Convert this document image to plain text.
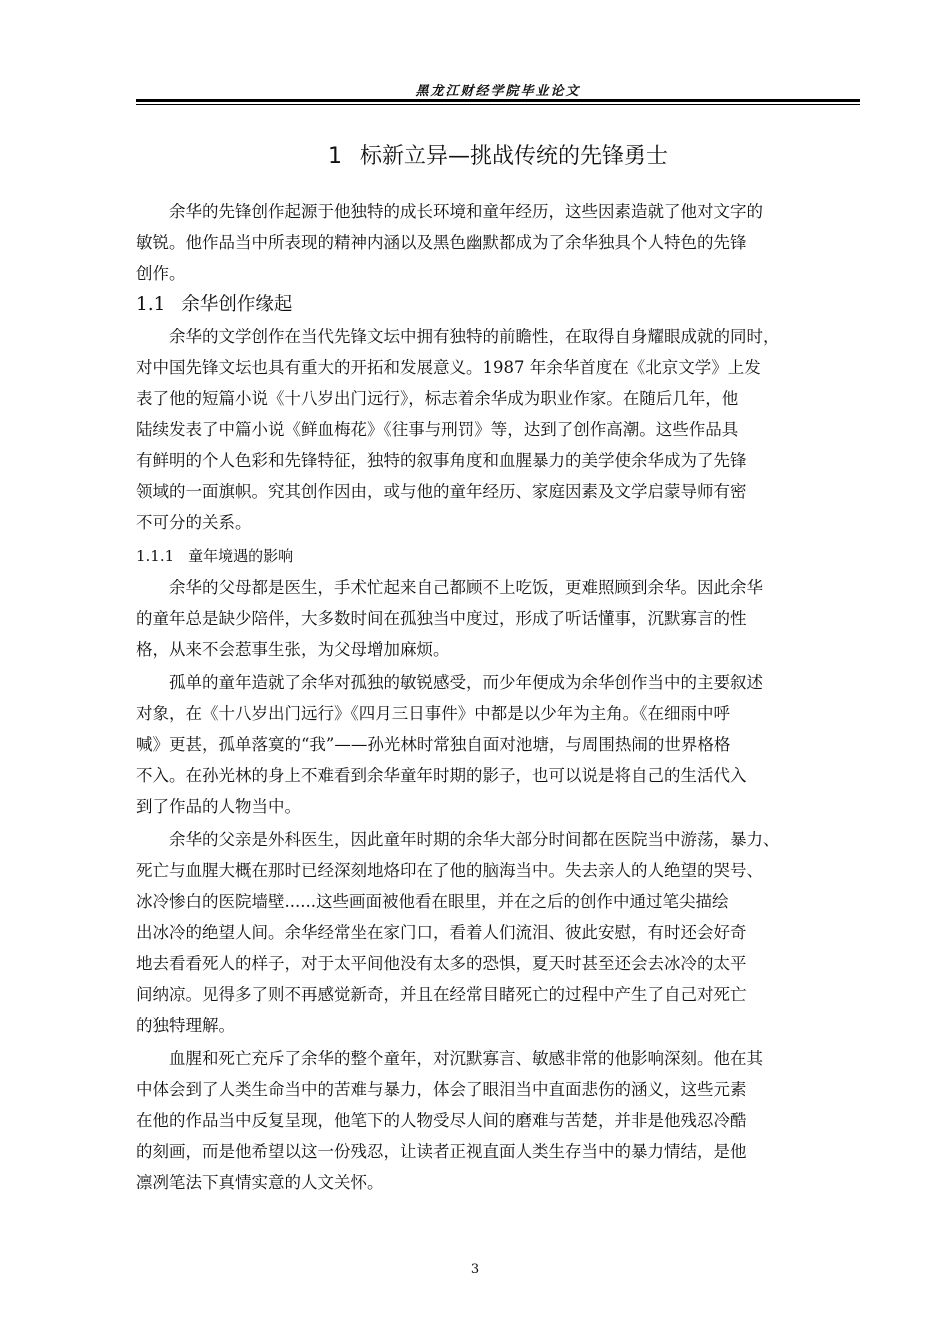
黑龙江财经学院毕业论文
1 标新立异—挑战传统的先锋勇士

余华的先锋创作起源于他独特的成长环境和童年经历，这些因素造就了他对文字的
敏锐。他作品当中所表现的精神内涵以及黑色幽默都成为了余华独具个人特色的先锋
创作。

1.1 余华创作缘起

余华的文学创作在当代先锋文坛中拥有独特的前瞻性，在取得自身耀眼成就的同时，
对中国先锋文坛也具有重大的开拓和发展意义。1987 年余华首度在《北京文学》上发
表了他的短篇小说《十八岁出门远行》，标志着余华成为职业作家。在随后几年，他
陆续发表了中篇小说《鲜血梅花》《往事与刑罚》等，达到了创作高潮。这些作品具
有鲜明的个人色彩和先锋特征，独特的叙事角度和血腥暴力的美学使余华成为了先锋
领域的一面旗帜。究其创作因由，或与他的童年经历、家庭因素及文学启蒙导师有密
不可分的关系。

1.1.1 童年境遇的影响

余华的父母都是医生，手术忙起来自己都顾不上吃饭，更难照顾到余华。因此余华
的童年总是缺少陪伴，大多数时间在孤独当中度过，形成了听话懂事，沉默寡言的性
格，从来不会惹事生张，为父母增加麻烦。

孤单的童年造就了余华对孤独的敏锐感受，而少年便成为余华创作当中的主要叙述
对象，在《十八岁出门远行》《四月三日事件》中都是以少年为主角。《在细雨中呼
喊》更甚，孤单落寞的“我”——孙光林时常独自面对池塘，与周围热闹的世界格格
不入。在孙光林的身上不难看到余华童年时期的影子，也可以说是将自己的生活代入
到了作品的人物当中。

余华的父亲是外科医生，因此童年时期的余华大部分时间都在医院当中游荡，暴力、
死亡与血腥大概在那时已经深刻地烙印在了他的脑海当中。失去亲人的人绝望的哭号、
冰冷惨白的医院墙壁......这些画面被他看在眼里，并在之后的创作中通过笔尖描绘
出冰冷的绝望人间。余华经常坐在家门口，看着人们流泪、彼此安慰，有时还会好奇
地去看看死人的样子，对于太平间他没有太多的恐惧，夏天时甚至还会去冰冷的太平
间纳凉。见得多了则不再感觉新奇，并且在经常目睹死亡的过程中产生了自己对死亡
的独特理解。

血腥和死亡充斥了余华的整个童年，对沉默寡言、敏感非常的他影响深刻。他在其
中体会到了人类生命当中的苦难与暴力，体会了眼泪当中直面悲伤的涵义，这些元素
在他的作品当中反复呈现，他笔下的人物受尽人间的磨难与苦楚，并非是他残忍冷酷
的刻画，而是他希望以这一份残忍，让读者正视直面人类生存当中的暴力情结，是他
凛冽笔法下真情实意的人文关怀。

3
